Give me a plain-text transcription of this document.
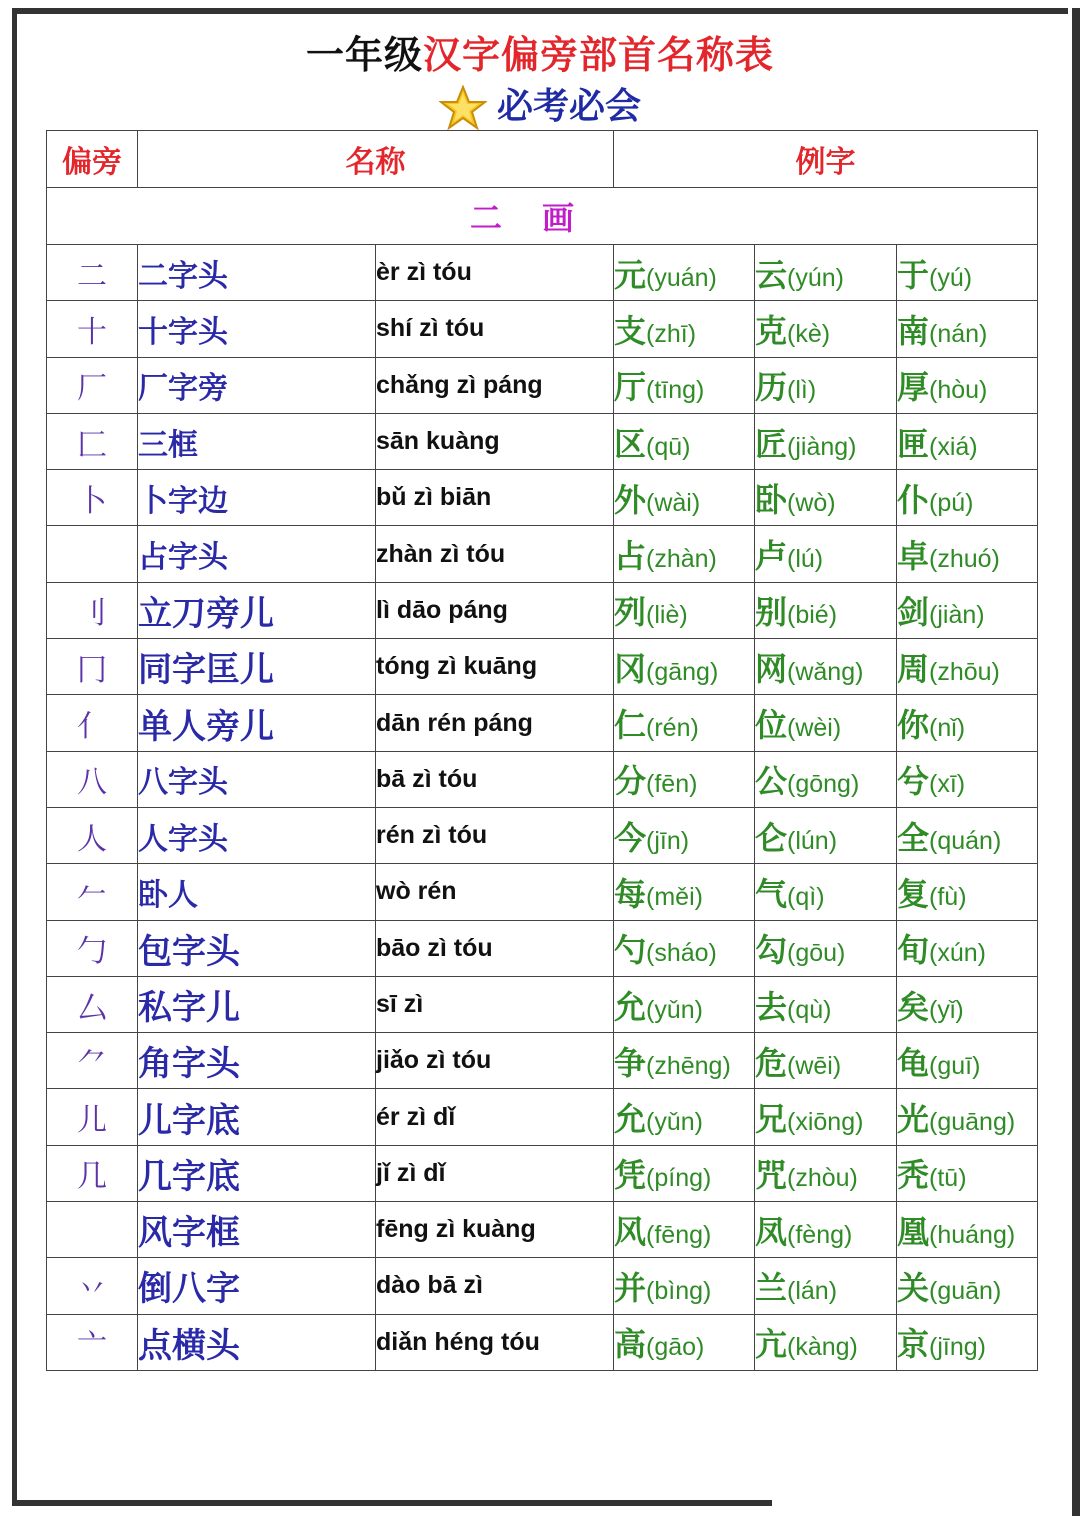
一年级汉字偏旁部首名称表
必考必会
偏旁	名称		例字		
二画					
二	二字头	èr zì tóu	元(yuán)	云(yún)	于(yú)
十	十字头	shí zì tóu	支(zhī)	克(kè)	南(nán)
厂	厂字旁	chǎng zì páng	厅(tīng)	历(lì)	厚(hòu)
匚	三框	sān kuàng	区(qū)	匠(jiàng)	匣(xiá)
卜	卜字边	bǔ zì biān	外(wài)	卧(wò)	仆(pú)
	占字头	zhàn zì tóu	占(zhàn)	卢(lú)	卓(zhuó)
刂	立刀旁儿	lì dāo páng	列(liè)	别(bié)	剑(jiàn)
冂	同字匡儿	tóng zì kuāng	冈(gāng)	网(wǎng)	周(zhōu)
亻	单人旁儿	dān rén páng	仁(rén)	位(wèi)	你(nǐ)
八	八字头	bā zì tóu	分(fēn)	公(gōng)	兮(xī)
人	人字头	rén zì tóu	今(jīn)	仑(lún)	全(quán)
𠂉	卧人	wò rén	每(měi)	气(qì)	复(fù)
勹	包字头	bāo zì tóu	勺(sháo)	勾(gōu)	旬(xún)
厶	私字儿	sī zì	允(yǔn)	去(qù)	矣(yǐ)
⺈	角字头	jiǎo zì tóu	争(zhēng)	危(wēi)	龟(guī)
儿	儿字底	ér zì dǐ	允(yǔn)	兄(xiōng)	光(guāng)
几	几字底	jǐ zì dǐ	凭(píng)	咒(zhòu)	秃(tū)
	风字框	fēng zì kuàng	风(fēng)	凤(fèng)	凰(huáng)
丷	倒八字	dào bā zì	并(bìng)	兰(lán)	关(guān)
亠	点横头	diǎn héng tóu	高(gāo)	亢(kàng)	京(jīng)
